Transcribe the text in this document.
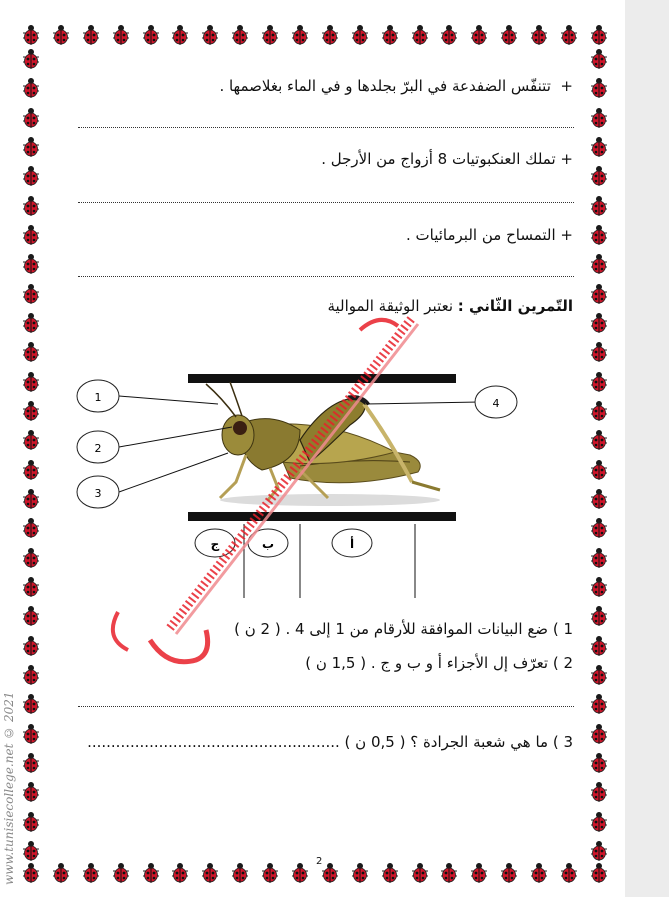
+  تتنفّس الضفدعة في البرّ بجلدها و في الماء بغلاصمها .
+ تملك العنكبوتيات 8 أزواج من الأرجل .
+ التمساح من البرمائيات .
التّمرين الثّاني : نعتبر الوثيقة الموالية
1
2
3
4
ج	ب	أ
1 ) ضع البيانات الموافقة للأرقام من 1 إلى 4 . ( 2 ن )
2 ) تعرّف إل الأجزاء أ و ب و ج . ( 1,5 ن )
3 ) ما هي شعبة الجرادة ؟ ( 0,5 ن ) .....................................................
2
www.tunisiecollege.net © 2021
